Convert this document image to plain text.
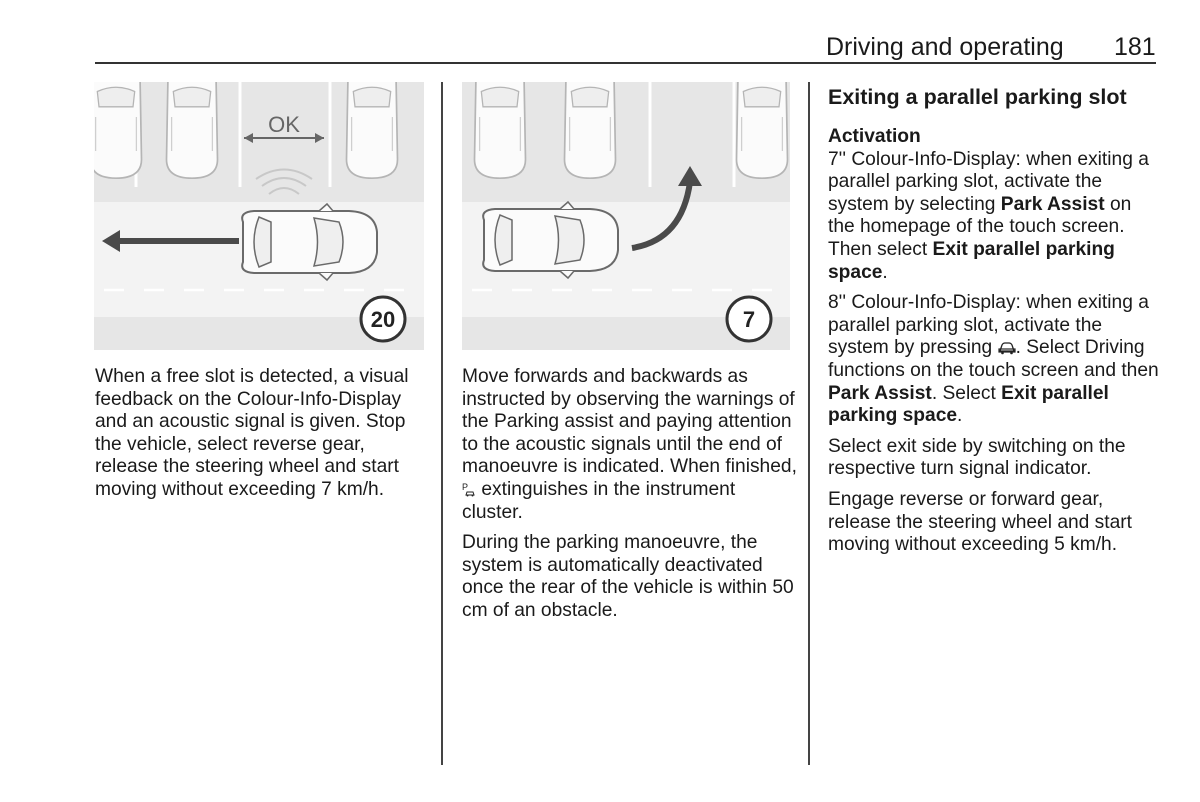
Driving and operating 181
OK
20	7

When a free slot is detected, a visual feedback on the Colour-Info-Display and an acoustic signal is given. Stop the vehicle, select reverse gear, release the steering wheel and start moving without exceeding 7 km/h.

Move forwards and backwards as instructed by observing the warnings of the Parking assist and paying attention to the acoustic signals until the end of manoeuvre is indicated. When finished,
P extinguishes in the instrument cluster.

During the parking manoeuvre, the system is automatically deactivated once the rear of the vehicle is within 50 cm of an obstacle.

Exiting a parallel parking slot
Activation

7'' Colour-Info-Display: when exiting a parallel parking slot, activate the system by selecting Park Assist on the homepage of the touch screen. Then select Exit parallel parking space.

8'' Colour-Info-Display: when exiting a parallel parking slot, activate the system by pressing . Select Driving functions on the touch screen and then Park Assist. Select Exit parallel parking space.

Select exit side by switching on the respective turn signal indicator.

Engage reverse or forward gear, release the steering wheel and start moving without exceeding 5 km/h.
